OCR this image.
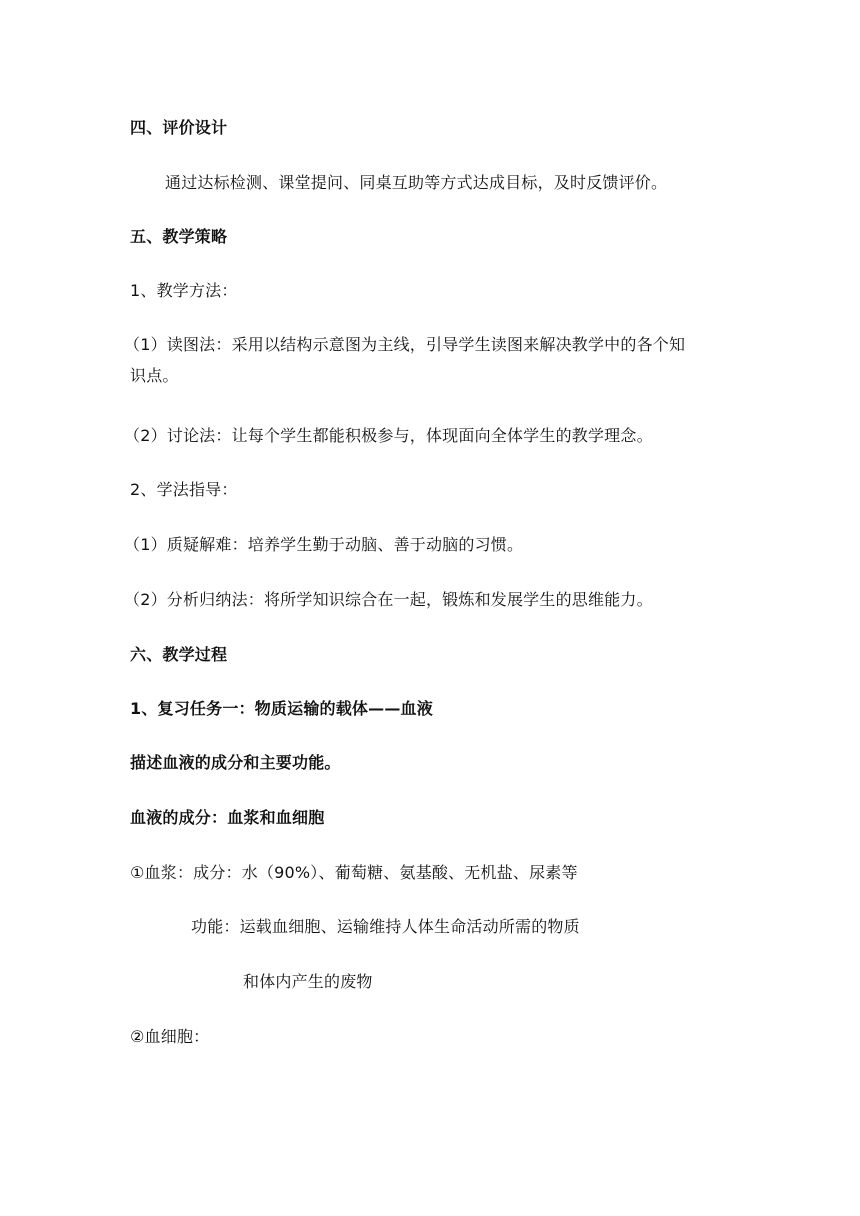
四、评价设计
通过达标检测、课堂提问、同桌互助等方式达成目标，及时反馈评价。
五、教学策略
1、教学方法：
（1）读图法：采用以结构示意图为主线，引导学生读图来解决教学中的各个知
识点。
（2）讨论法：让每个学生都能积极参与，体现面向全体学生的教学理念。
2、学法指导：
（1）质疑解难：培养学生勤于动脑、善于动脑的习惯。
（2）分析归纳法：将所学知识综合在一起，锻炼和发展学生的思维能力。
六、教学过程
1、复习任务一：物质运输的载体——血液
描述血液的成分和主要功能。
血液的成分：血浆和血细胞
①血浆：成分：水（90%）、葡萄糖、氨基酸、无机盐、尿素等
功能：运载血细胞、运输维持人体生命活动所需的物质
和体内产生的废物
②血细胞：
